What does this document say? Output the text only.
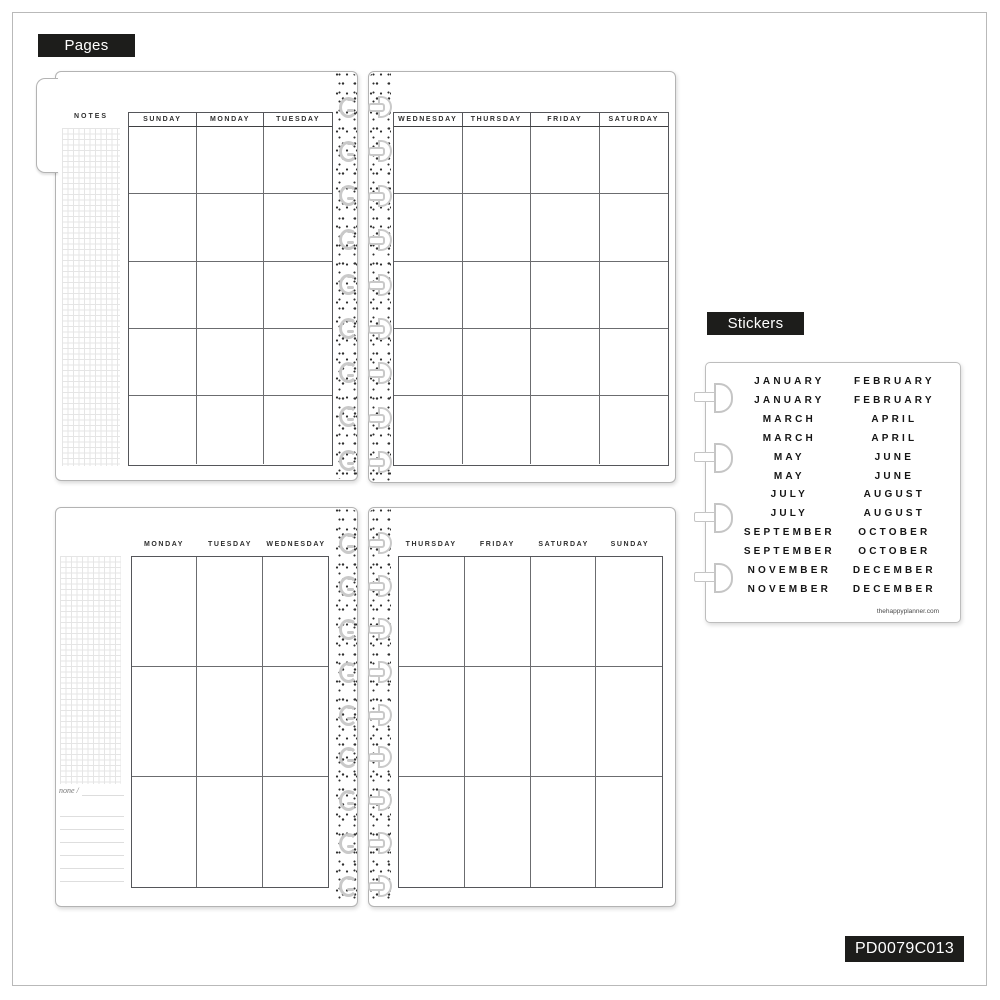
Pages
NOTES	SUNDAY	MONDAY	TUESDAY	WEDNESDAY	THURSDAY	FRIDAY	SATURDAY
none /
MONDAY	TUESDAY	WEDNESDAY	THURSDAY	FRIDAY	SATURDAY	SUNDAY
Stickers
JANUARY	FEBRUARY
JANUARY	FEBRUARY
MARCH	APRIL
MARCH	APRIL
MAY	JUNE
MAY	JUNE
JULY	AUGUST
JULY	AUGUST
SEPTEMBER	OCTOBER
SEPTEMBER	OCTOBER
NOVEMBER	DECEMBER
NOVEMBER	DECEMBER
thehappyplanner.com
PD0079C013
